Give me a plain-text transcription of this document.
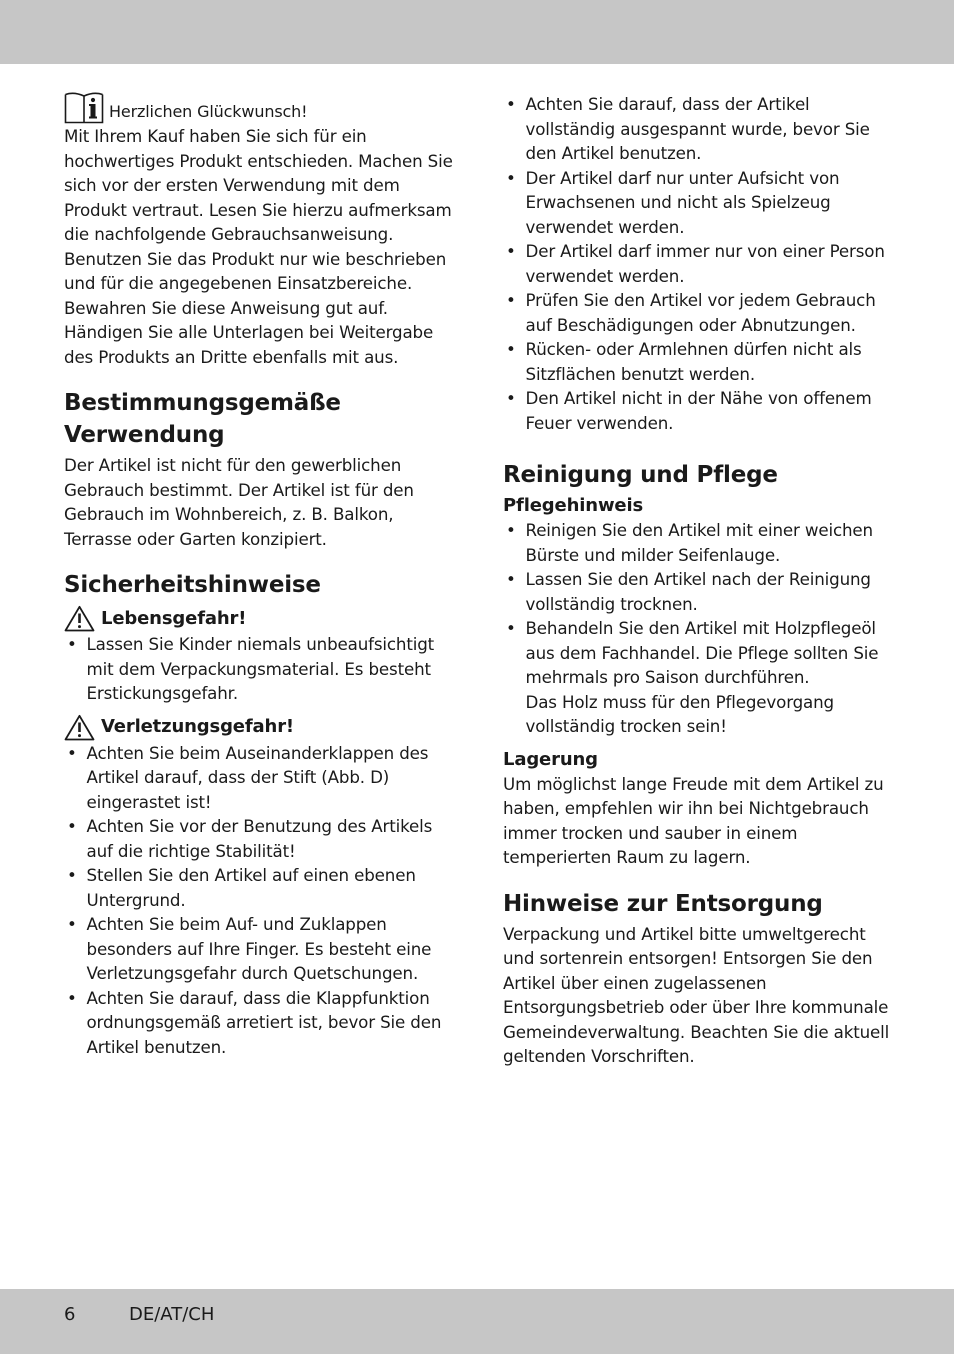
Herzlichen Glückwunsch!

Mit Ihrem Kauf haben Sie sich für ein hochwertiges Produkt entschieden. Machen Sie sich vor der ersten Verwendung mit dem Produkt vertraut. Lesen Sie hierzu aufmerksam die nachfolgende Gebrauchsanweisung. Benutzen Sie das Produkt nur wie beschrieben und für die angegebenen Einsatzbereiche.

Bewahren Sie diese Anweisung gut auf. Händigen Sie alle Unterlagen bei Weitergabe des Produkts an Dritte ebenfalls mit aus.

Bestimmungsgemäße Verwendung

Der Artikel ist nicht für den gewerblichen Gebrauch bestimmt. Der Artikel ist für den Gebrauch im Wohnbereich, z. B. Balkon, Terrasse oder Garten konzipiert.

Sicherheitshinweise
Lebensgefahr!
• Lassen Sie Kinder niemals unbeaufsichtigt mit dem Verpackungsmaterial. Es besteht Erstickungsgefahr.
Verletzungsgefahr!
• Achten Sie beim Auseinanderklappen des Artikel darauf, dass der Stift (Abb. D) eingerastet ist!
• Achten Sie vor der Benutzung des Artikels auf die richtige Stabilität!
• Stellen Sie den Artikel auf einen ebenen Untergrund.
• Achten Sie beim Auf- und Zuklappen besonders auf Ihre Finger. Es besteht eine Verletzungsgefahr durch Quetschungen.
• Achten Sie darauf, dass die Klappfunktion ordnungsgemäß arretiert ist, bevor Sie den Artikel benutzen.
• Achten Sie darauf, dass der Artikel vollständig ausgespannt wurde, bevor Sie den Artikel benutzen.
• Der Artikel darf nur unter Aufsicht von Erwachsenen und nicht als Spielzeug verwendet werden.
• Der Artikel darf immer nur von einer Person verwendet werden.
• Prüfen Sie den Artikel vor jedem Gebrauch auf Beschädigungen oder Abnutzungen.
• Rücken- oder Armlehnen dürfen nicht als Sitzflächen benutzt werden.
• Den Artikel nicht in der Nähe von offenem Feuer verwenden.
Reinigung und Pflege
Pflegehinweis
• Reinigen Sie den Artikel mit einer weichen Bürste und milder Seifenlauge.
• Lassen Sie den Artikel nach der Reinigung vollständig trocknen.
• Behandeln Sie den Artikel mit Holzpflegeöl aus dem Fachhandel. Die Pflege sollten Sie mehrmals pro Saison durchführen.
Das Holz muss für den Pflegevorgang vollständig trocken sein!
Lagerung

Um möglichst lange Freude mit dem Artikel zu haben, empfehlen wir ihn bei Nichtgebrauch immer trocken und sauber in einem temperierten Raum zu lagern.

Hinweise zur Entsorgung

Verpackung und Artikel bitte umweltgerecht und sortenrein entsorgen! Entsorgen Sie den Artikel über einen zugelassenen Entsorgungsbetrieb oder über Ihre kommunale Gemeindeverwaltung. Beachten Sie die aktuell geltenden Vorschriften.

6	DE/AT/CH
